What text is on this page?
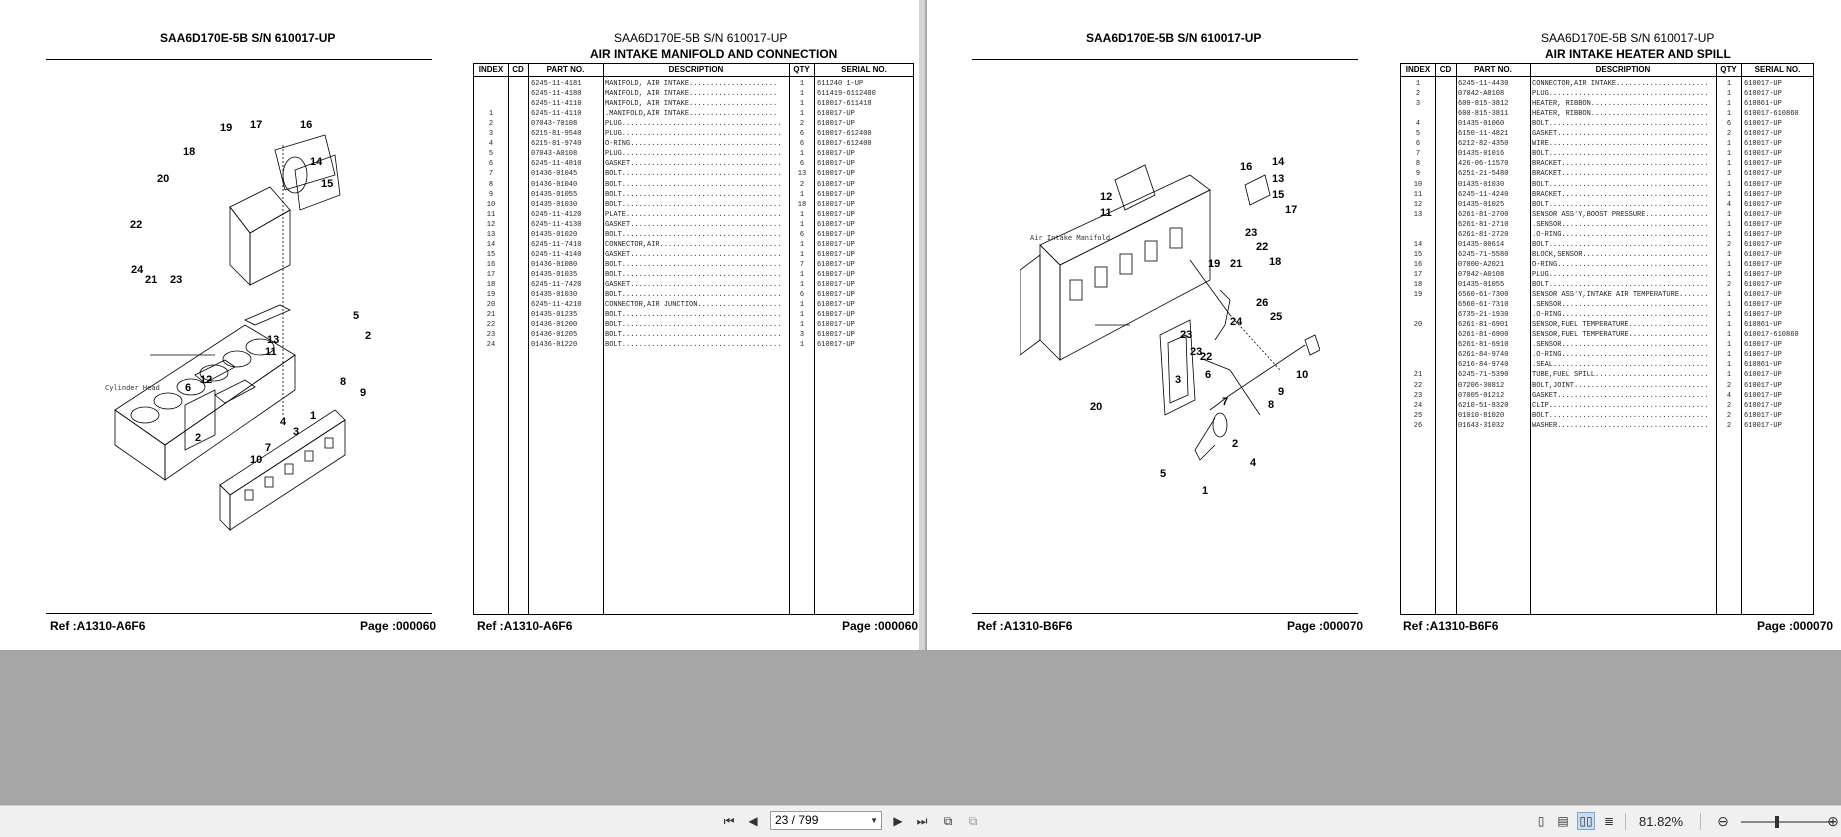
SAA6D170E-5B S/N 610017-UP
Cylinder Head
17	16
19
14
18
15
20
22
24
21 23
6
5
13	2
11
12	8
9
1
4
3
2
7
10
Ref :A1310-A6F6	Page :000060
SAA6D170E-5B S/N 610017-UP
AIR INTAKE MANIFOLD AND CONNECTION
INDEX	CD	PART NO.	DESCRIPTION	QTY	SERIAL NO.
6245-11-4181	MANIFOLD, AIR INTAKE.....................	1	611240 1-UP
6245-11-4180	MANIFOLD, AIR INTAKE.....................	1	611419-6112400
6245-11-4110	MANIFOLD, AIR INTAKE.....................	1	610017-611418
1	6245-11-4110	.MANIFOLD,AIR INTAKE.....................	1	610017-UP
2	07043-70108	PLUG......................................	2	610017-UP
3	6215-81-9540	PLUG......................................	6	610017-612400
4	6215-81-9740	O-RING....................................	6	610017-612400
5	07043-A0108	PLUG......................................	1	610017-UP
6	6245-11-4810	GASKET....................................	6	610017-UP
7	01436-01045	BOLT......................................	13	610017-UP
8	01436-01040	BOLT......................................	2	610017-UP
9	01435-01055	BOLT......................................	1	610017-UP
10	01435-01030	BOLT......................................	18	610017-UP
11	6245-11-4120	PLATE.....................................	1	610017-UP
12	6245-11-4130	GASKET....................................	1	610017-UP
13	01435-01020	BOLT......................................	6	610017-UP
14	6245-11-7410	CONNECTOR,AIR.............................	1	610017-UP
15	6245-11-4140	GASKET....................................	1	610017-UP
16	01436-01080	BOLT......................................	7	610017-UP
17	01435-01035	BOLT......................................	1	610017-UP
18	6245-11-7420	GASKET....................................	1	610017-UP
19	01435-01030	BOLT......................................	6	610017-UP
20	6245-11-4210	CONNECTOR,AIR JUNCTION....................	1	610017-UP
21	01435-01235	BOLT......................................	1	610017-UP
22	01436-01200	BOLT......................................	1	610017-UP
23	01436-01205	BOLT......................................	3	610017-UP
24	01436-01220	BOLT......................................	1	610017-UP
SAA6D170E-5B S/N 610017-UP
Air Intake Manifold
16 14
13
15
17
12
11
23
22
18
19 21
26
25
24
23
23
22
20
3 6
7
9
10
8
2
4
5
1
Ref :A1310-B6F6	Page :000070
SAA6D170E-5B S/N 610017-UP
AIR INTAKE HEATER AND SPILL
INDEX	CD	PART NO.	DESCRIPTION	QTY	SERIAL NO.
1	6245-11-4430	CONNECTOR,AIR INTAKE......................	1	610017-UP
2	07042-A0108	PLUG......................................	1	610017-UP
3	600-815-3812	HEATER, RIBBON............................	1	610861-UP
600-815-3811	HEATER, RIBBON............................	1	610017-610860
4	01435-01060	BOLT......................................	6	610017-UP
5	6150-11-4821	GASKET....................................	2	610017-UP
6	6212-82-4350	WIRE......................................	1	610017-UP
7	01435-01016	BOLT......................................	1	610017-UP
8	426-06-11570	BRACKET...................................	1	610017-UP
9	6251-21-5480	BRACKET...................................	1	610017-UP
10	01435-01030	BOLT......................................	1	610017-UP
11	6245-11-4240	BRACKET...................................	1	610017-UP
12	01435-01025	BOLT......................................	4	610017-UP
13	6261-81-2700	SENSOR ASS'Y,BOOST PRESSURE...............	1	610017-UP
6261-81-2710	.SENSOR...................................	1	610017-UP
6261-81-2720	.O-RING...................................	1	610017-UP
14	01435-00614	BOLT......................................	2	610017-UP
15	6245-71-5580	BLOCK,SENSOR..............................	1	610017-UP
16	07000-A2021	O-RING....................................	1	610017-UP
17	07042-A0108	PLUG......................................	1	610017-UP
18	01435-01055	BOLT......................................	2	610017-UP
19	6560-61-7300	SENSOR ASS'Y,INTAKE AIR TEMPERATURE.......	1	610017-UP
6560-61-7310	.SENSOR...................................	1	610017-UP
6735-21-1930	.O-RING...................................	1	610017-UP
20	6261-81-6901	SENSOR,FUEL TEMPERATURE...................	1	610861-UP
6261-81-6900	SENSOR,FUEL TEMPERATURE...................	1	610017-610860
6261-81-6910	.SENSOR...................................	1	610017-UP
6261-84-9740	.O-RING...................................	1	610017-UP
6216-84-9740	.SEAL.....................................	1	610861-UP
21	6245-71-5390	TUBE,FUEL SPILL...........................	1	610017-UP
22	07206-30812	BOLT,JOINT................................	2	610017-UP
23	07005-01212	GASKET....................................	4	610017-UP
24	6210-51-8320	CLIP......................................	2	610017-UP
25	01010-81020	BOLT......................................	2	610017-UP
26	01643-31032	WASHER....................................	2	610017-UP
Ref :A1310-A6F6	Page :000060	Ref :A1310-B6F6	Page :000070
⏮	◀	23 / 799	▼	▶	⏭	⧉	⧉	▯	▤ ▯▯ ≣	81.82% ⊖	⊕
